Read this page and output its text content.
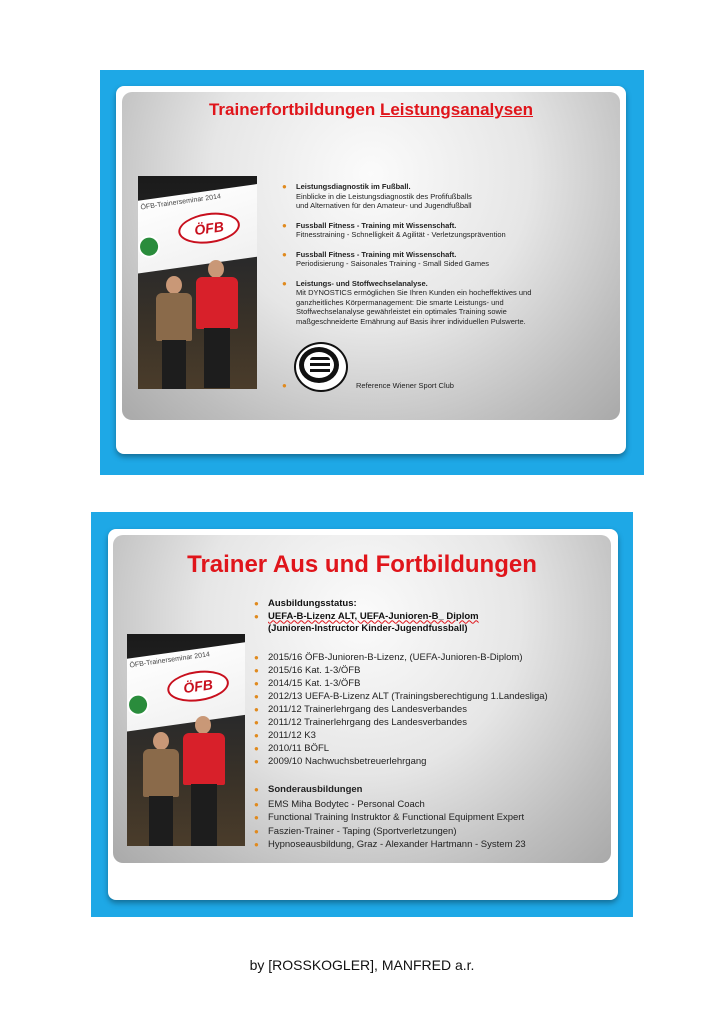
Trainerfortbildungen Leistungsanalysen
ÖFB-Trainerseminar 2014
ÖFB
● Leistungsdiagnostik im Fußball.
Einblicke in die Leistungsdiagnostik des Profifußballs
und Alternativen für den Amateur- und Jugendfußball
● Fussball Fitness - Training mit Wissenschaft.
Fitnesstraining - Schnelligkeit & Agilität - Verletzungsprävention
● Fussball Fitness - Training mit Wissenschaft.
Periodisierung - Saisonales Training - Small Sided Games
● Leistungs- und Stoffwechselanalyse.
Mit DYNOSTICS ermöglichen Sie Ihren Kunden ein hocheffektives und
ganzheitliches Körpermanagement: Die smarte Leistungs- und
Stoffwechselanalyse gewährleistet ein optimales Training sowie
maßgeschneiderte Ernährung auf Basis ihrer individuellen Pulswerte.
●	Reference Wiener Sport Club
Trainer Aus und Fortbildungen
ÖFB-Trainerseminar 2014
ÖFB
● Ausbildungsstatus:
● UEFA-B-Lizenz ALT, UEFA-Junioren-B_ Diplom
(Junioren-Instructor Kinder-Jugendfussball)
● 2015/16 ÖFB-Junioren-B-Lizenz, (UEFA-Junioren-B-Diplom)
● 2015/16 Kat. 1-3/ÖFB
● 2014/15 Kat. 1-3/ÖFB
● 2012/13 UEFA-B-Lizenz ALT (Trainingsberechtigung 1.Landesliga)
● 2011/12 Trainerlehrgang des Landesverbandes
● 2011/12 Trainerlehrgang des Landesverbandes
● 2011/12 K3
● 2010/11 BÖFL
● 2009/10 Nachwuchsbetreuerlehrgang
● Sonderausbildungen
● EMS Miha Bodytec - Personal Coach
● Functional Training Instruktor & Functional Equipment Expert
● Faszien-Trainer - Taping (Sportverletzungen)
● Hypnoseausbildung, Graz - Alexander Hartmann - System 23
by [ROSSKOGLER], MANFRED a.r.
